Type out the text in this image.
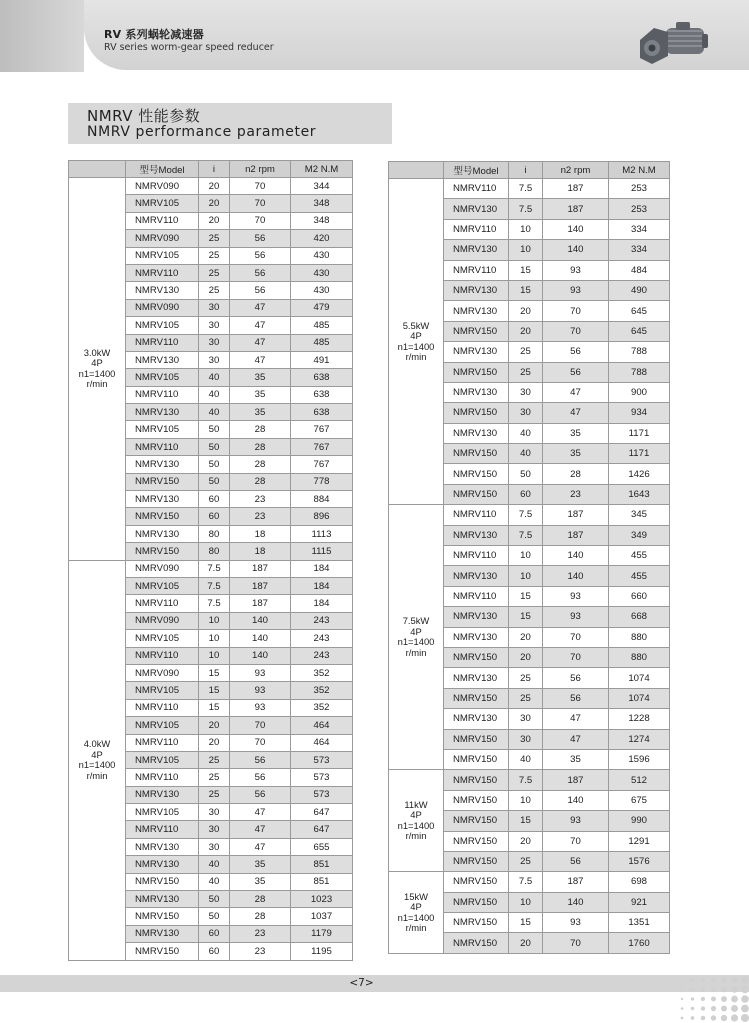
RV 系列蜗轮减速器
RV series worm-gear speed reducer
NMRV 性能参数
NMRV performance parameter
	型号Model	i	n2 rpm	M2 N.M

3.0kW
4P
n1=1400
r/min	NMRV090	20	70	344
	NMRV105	20	70	348
	NMRV110	20	70	348
	NMRV090	25	56	420
	NMRV105	25	56	430
	NMRV110	25	56	430
	NMRV130	25	56	430
	NMRV090	30	47	479
	NMRV105	30	47	485
	NMRV110	30	47	485
	NMRV130	30	47	491
	NMRV105	40	35	638
	NMRV110	40	35	638
	NMRV130	40	35	638
	NMRV105	50	28	767
	NMRV110	50	28	767
	NMRV130	50	28	767
	NMRV150	50	28	778
	NMRV130	60	23	884
	NMRV150	60	23	896
	NMRV130	80	18	1113
	NMRV150	80	18	1115

4.0kW
4P
n1=1400
r/min	NMRV090	7.5	187	184
	NMRV105	7.5	187	184
	NMRV110	7.5	187	184
	NMRV090	10	140	243
	NMRV105	10	140	243
	NMRV110	10	140	243
	NMRV090	15	93	352
	NMRV105	15	93	352
	NMRV110	15	93	352
	NMRV105	20	70	464
	NMRV110	20	70	464
	NMRV105	25	56	573
	NMRV110	25	56	573
	NMRV130	25	56	573
	NMRV105	30	47	647
	NMRV110	30	47	647
	NMRV130	30	47	655
	NMRV130	40	35	851
	NMRV150	40	35	851
	NMRV130	50	28	1023
	NMRV150	50	28	1037
	NMRV130	60	23	1179
	NMRV150	60	23	1195
	型号Model	i	n2 rpm	M2 N.M

5.5kW
4P
n1=1400
r/min	NMRV110	7.5	187	253
	NMRV130	7.5	187	253
	NMRV110	10	140	334
	NMRV130	10	140	334
	NMRV110	15	93	484
	NMRV130	15	93	490
	NMRV130	20	70	645
	NMRV150	20	70	645
	NMRV130	25	56	788
	NMRV150	25	56	788
	NMRV130	30	47	900
	NMRV150	30	47	934
	NMRV130	40	35	1171
	NMRV150	40	35	1171
	NMRV150	50	28	1426
	NMRV150	60	23	1643

7.5kW
4P
n1=1400
r/min	NMRV110	7.5	187	345
	NMRV130	7.5	187	349
	NMRV110	10	140	455
	NMRV130	10	140	455
	NMRV110	15	93	660
	NMRV130	15	93	668
	NMRV130	20	70	880
	NMRV150	20	70	880
	NMRV130	25	56	1074
	NMRV150	25	56	1074
	NMRV130	30	47	1228
	NMRV150	30	47	1274
	NMRV150	40	35	1596

11kW
4P
n1=1400
r/min	NMRV150	7.5	187	512
	NMRV150	10	140	675
	NMRV150	15	93	990
	NMRV150	20	70	1291
	NMRV150	25	56	1576

15kW
4P
n1=1400
r/min	NMRV150	7.5	187	698
	NMRV150	10	140	921
	NMRV150	15	93	1351
	NMRV150	20	70	1760
<7>
